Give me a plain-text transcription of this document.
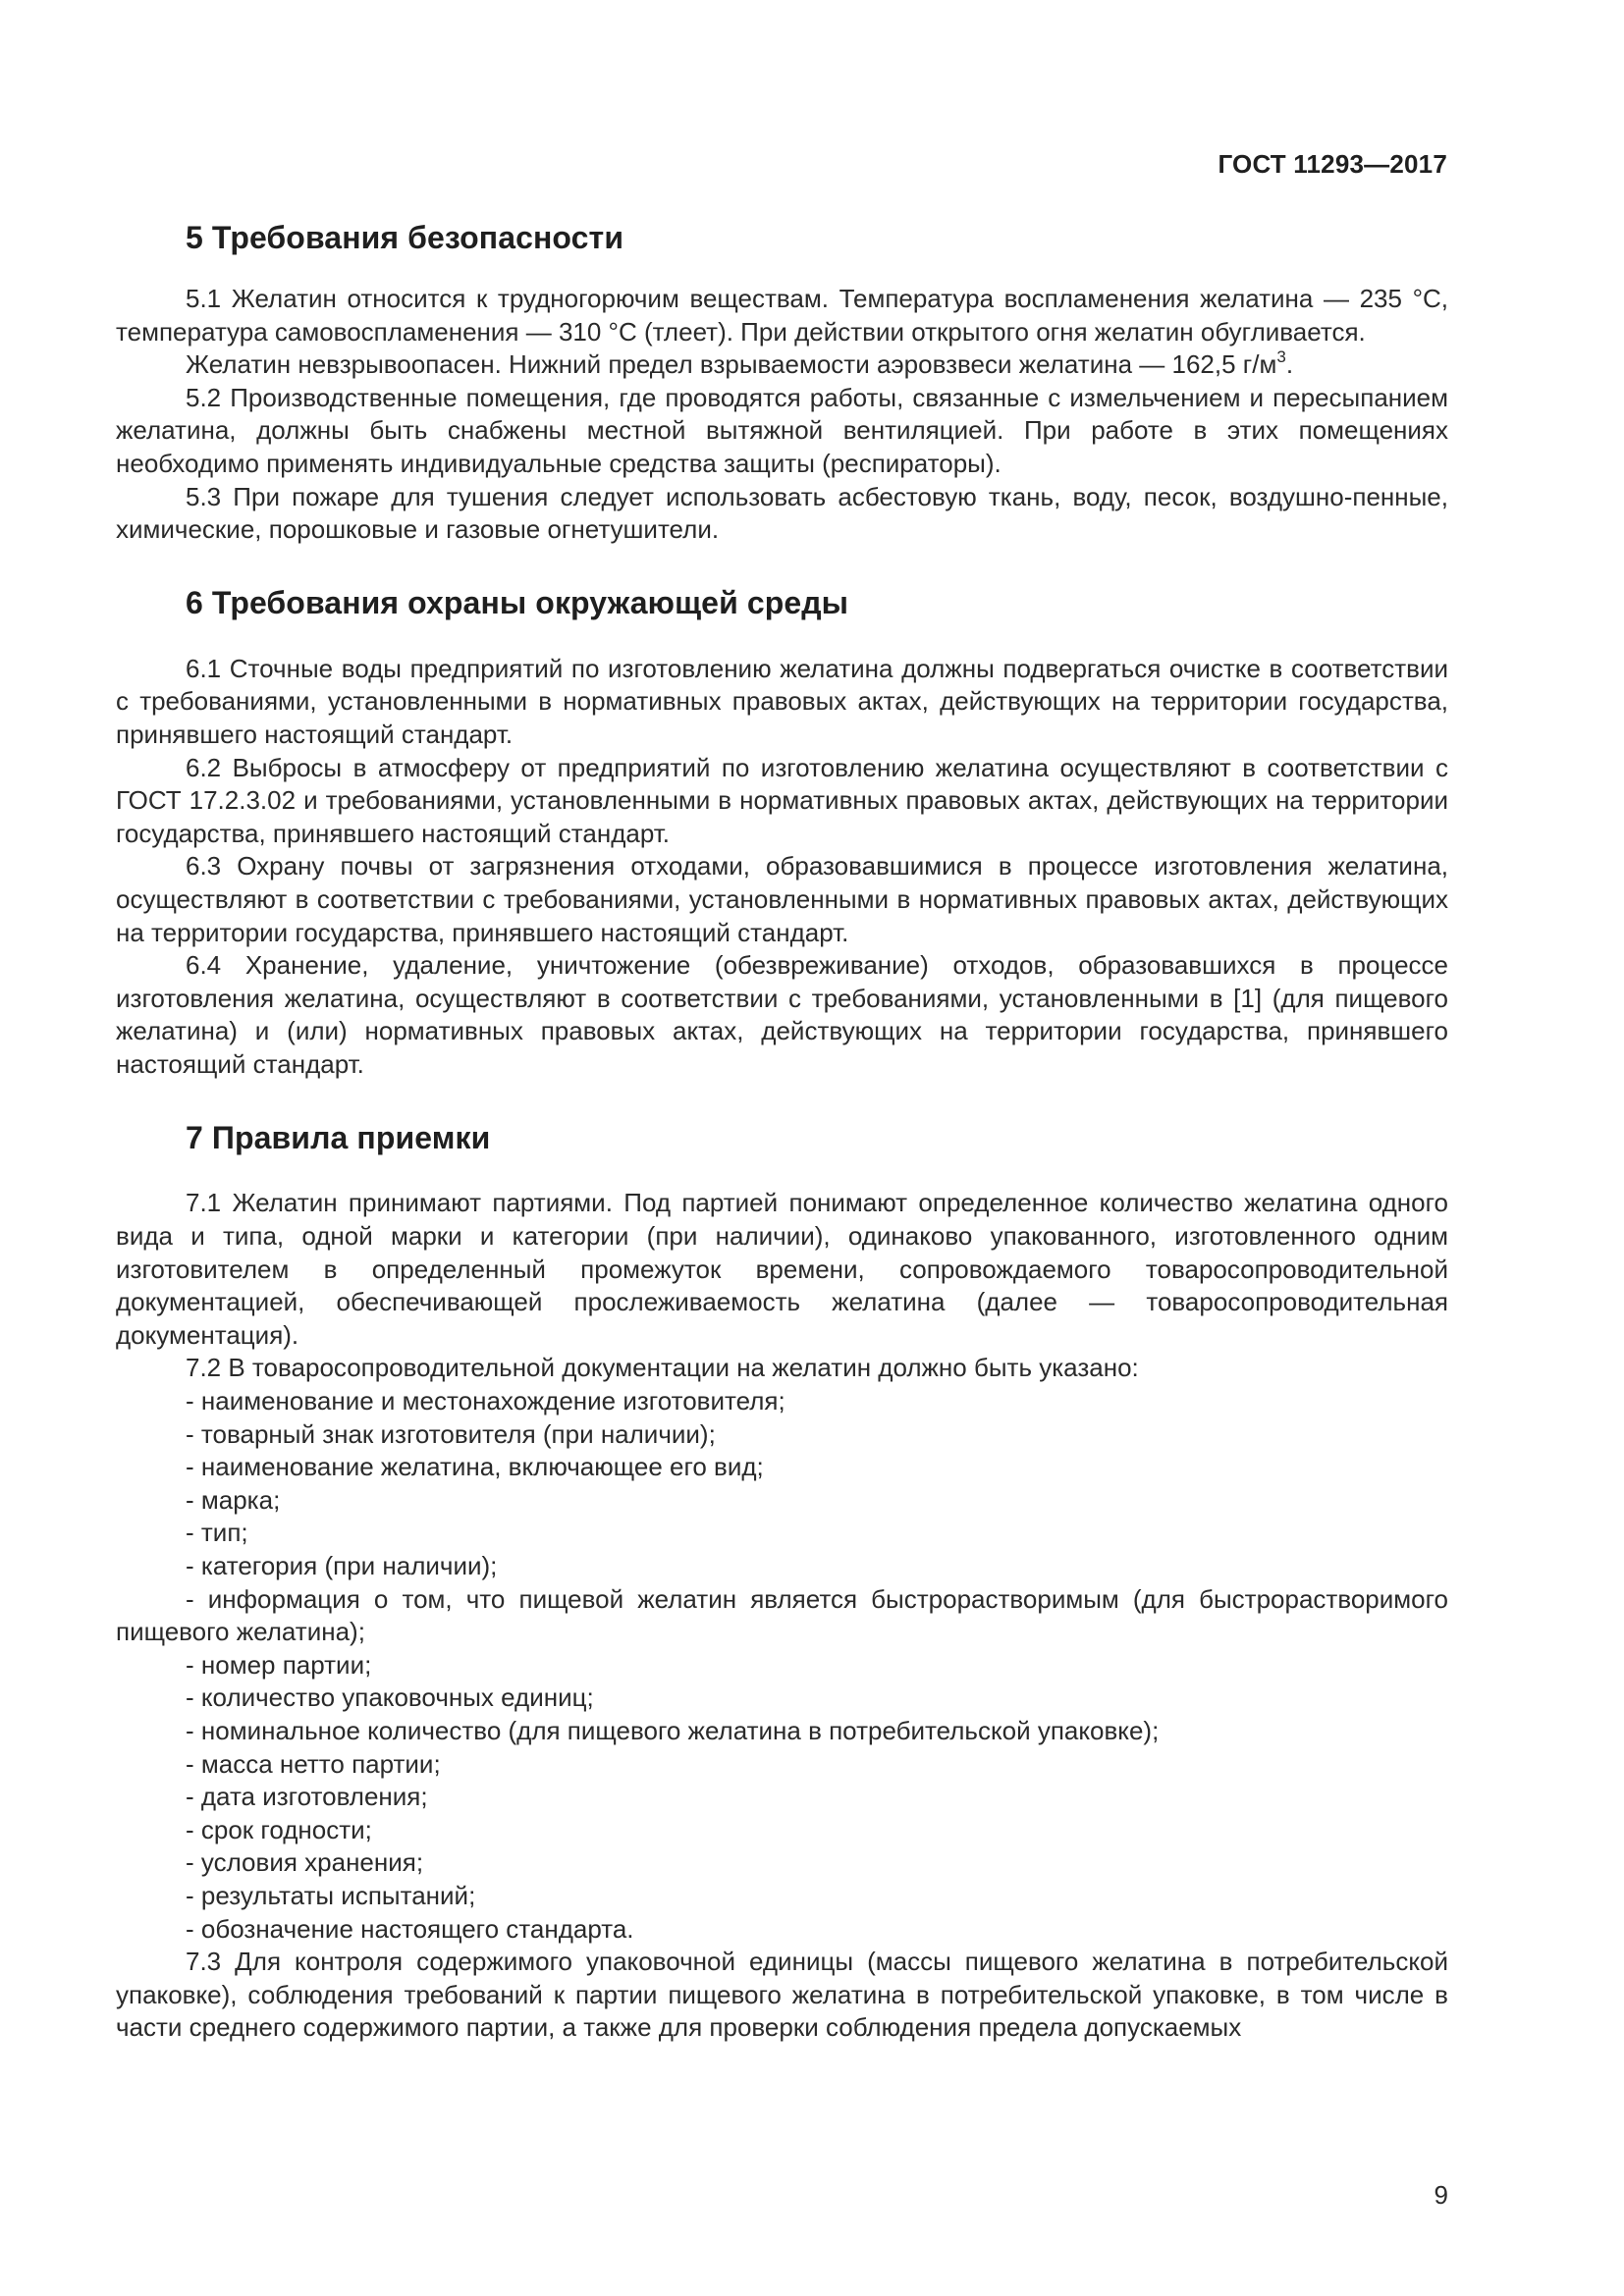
ГОСТ 11293—2017
5 Требования безопасности

5.1 Желатин относится к трудногорючим веществам. Температура воспламенения желатина — 235 °С, температура самовоспламенения — 310 °С (тлеет). При действии открытого огня желатин обугливается.

Желатин невзрывоопасен. Нижний предел взрываемости аэровзвеси желатина — 162,5 $г/м^3$.

5.2 Производственные помещения, где проводятся работы, связанные с измельчением и пересыпанием желатина, должны быть снабжены местной вытяжной вентиляцией. При работе в этих помещениях необходимо применять индивидуальные средства защиты (респираторы).

5.3 При пожаре для тушения следует использовать асбестовую ткань, воду, песок, воздушно-пенные, химические, порошковые и газовые огнетушители.

6 Требования охраны окружающей среды

6.1 Сточные воды предприятий по изготовлению желатина должны подвергаться очистке в соответствии с требованиями, установленными в нормативных правовых актах, действующих на территории государства, принявшего настоящий стандарт.

6.2 Выбросы в атмосферу от предприятий по изготовлению желатина осуществляют в соответствии с ГОСТ 17.2.3.02 и требованиями, установленными в нормативных правовых актах, действующих на территории государства, принявшего настоящий стандарт.

6.3 Охрану почвы от загрязнения отходами, образовавшимися в процессе изготовления желатина, осуществляют в соответствии с требованиями, установленными в нормативных правовых актах, действующих на территории государства, принявшего настоящий стандарт.

6.4 Хранение, удаление, уничтожение (обезвреживание) отходов, образовавшихся в процессе изготовления желатина, осуществляют в соответствии с требованиями, установленными в [1] (для пищевого желатина) и (или) нормативных правовых актах, действующих на территории государства, принявшего настоящий стандарт.

7 Правила приемки

7.1 Желатин принимают партиями. Под партией понимают определенное количество желатина одного вида и типа, одной марки и категории (при наличии), одинаково упакованного, изготовленного одним изготовителем в определенный промежуток времени, сопровождаемого товаросопроводительной документацией, обеспечивающей прослеживаемость желатина (далее — товаросопроводительная документация).

7.2 В товаросопроводительной документации на желатин должно быть указано:

- наименование и местонахождение изготовителя;

- товарный знак изготовителя (при наличии);

- наименование желатина, включающее его вид;

- марка;

- тип;

- категория (при наличии);

- информация о том, что пищевой желатин является быстрорастворимым (для быстрорастворимого пищевого желатина);

- номер партии;

- количество упаковочных единиц;

- номинальное количество (для пищевого желатина в потребительской упаковке);

- масса нетто партии;

- дата изготовления;

- срок годности;

- условия хранения;

- результаты испытаний;

- обозначение настоящего стандарта.

7.3 Для контроля содержимого упаковочной единицы (массы пищевого желатина в потребительской упаковке), соблюдения требований к партии пищевого желатина в потребительской упаковке, в том числе в части среднего содержимого партии, а также для проверки соблюдения предела допускаемых

9
